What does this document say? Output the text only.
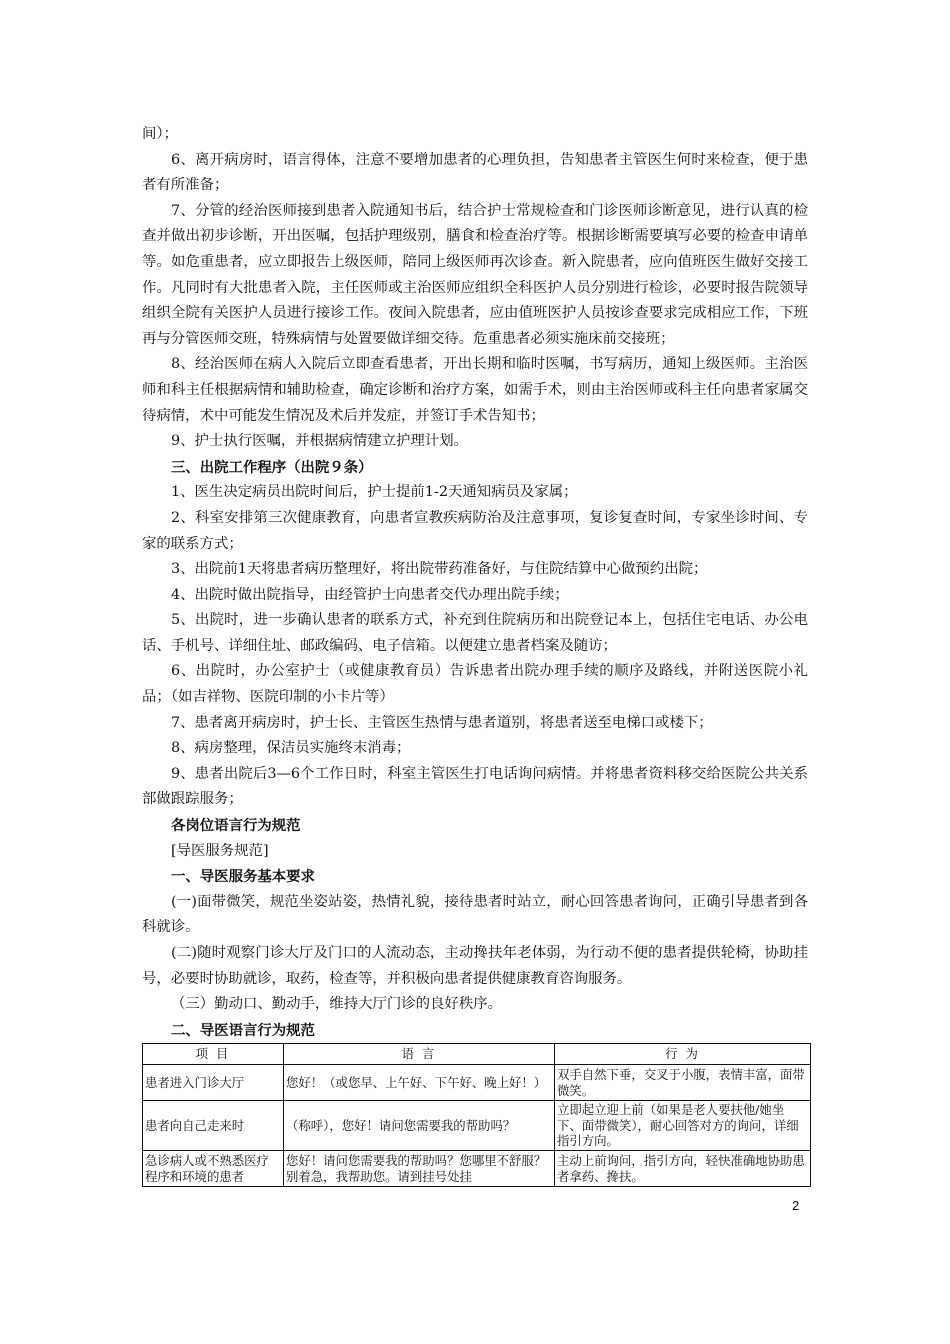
间）；

6、离开病房时，语言得体，注意不要增加患者的心理负担，告知患者主管医生何时来检查，便于患者有所准备；

7、分管的经治医师接到患者入院通知书后，结合护士常规检查和门诊医师诊断意见，进行认真的检查并做出初步诊断，开出医嘱，包括护理级别，膳食和检查治疗等。根据诊断需要填写必要的检查申请单等。如危重患者，应立即报告上级医师，陪同上级医师再次诊查。新入院患者，应向值班医生做好交接工作。凡同时有大批患者入院，主任医师或主治医师应组织全科医护人员分别进行检诊，必要时报告院领导组织全院有关医护人员进行接诊工作。夜间入院患者，应由值班医护人员按诊查要求完成相应工作，下班再与分管医师交班，特殊病情与处置要做详细交待。危重患者必须实施床前交接班；

8、经治医师在病人入院后立即查看患者，开出长期和临时医嘱，书写病历，通知上级医师。主治医师和科主任根据病情和辅助检查，确定诊断和治疗方案，如需手术，则由主治医师或科主任向患者家属交待病情，术中可能发生情况及术后并发症，并签订手术告知书；

9、护士执行医嘱，并根据病情建立护理计划。

三、出院工作程序（出院９条）

1、医生决定病员出院时间后，护士提前1-2天通知病员及家属；

2、科室安排第三次健康教育，向患者宣教疾病防治及注意事项，复诊复查时间，专家坐诊时间、专家的联系方式；

3、出院前1天将患者病历整理好，将出院带药准备好，与住院结算中心做预约出院；

4、出院时做出院指导，由经管护士向患者交代办理出院手续；

5、出院时，进一步确认患者的联系方式，补充到住院病历和出院登记本上，包括住宅电话、办公电话、手机号、详细住址、邮政编码、电子信箱。以便建立患者档案及随访；

6、出院时，办公室护士（或健康教育员）告诉患者出院办理手续的顺序及路线，并附送医院小礼品；（如吉祥物、医院印制的小卡片等）

7、患者离开病房时，护士长、主管医生热情与患者道别，将患者送至电梯口或楼下；

8、病房整理，保洁员实施终末消毒；

9、患者出院后3—6个工作日时，科室主管医生打电话询问病情。并将患者资料移交给医院公共关系部做跟踪服务；

各岗位语言行为规范

[导医服务规范]

一、导医服务基本要求

(一)面带微笑，规范坐姿站姿，热情礼貌，接待患者时站立，耐心回答患者询问，正确引导患者到各科就诊。

(二)随时观察门诊大厅及门口的人流动态，主动搀扶年老体弱，为行动不便的患者提供轮椅，协助挂号，必要时协助就诊，取药，检查等，并积极向患者提供健康教育咨询服务。

（三）勤动口、勤动手，维持大厅门诊的良好秩序。

二、导医语言行为规范

项 目	语 言	行 为
患者进入门诊大厅	您好！（或您早、上午好、下午好、晚上好！）	双手自然下垂，交叉于小腹，表情丰富，面带微笑。
患者向自己走来时	（称呼），您好！请问您需要我的帮助吗？	立即起立迎上前（如果是老人要扶他/她坐下、面带微笑），耐心回答对方的询问，详细指引方向。
急诊病人或不熟悉医疗程序和环境的患者	您好！请问您需要我的帮助吗？您哪里不舒服？别着急，我帮助您。请到挂号处挂	主动上前询问，指引方向，轻快准确地协助患者拿药、搀扶。
2
